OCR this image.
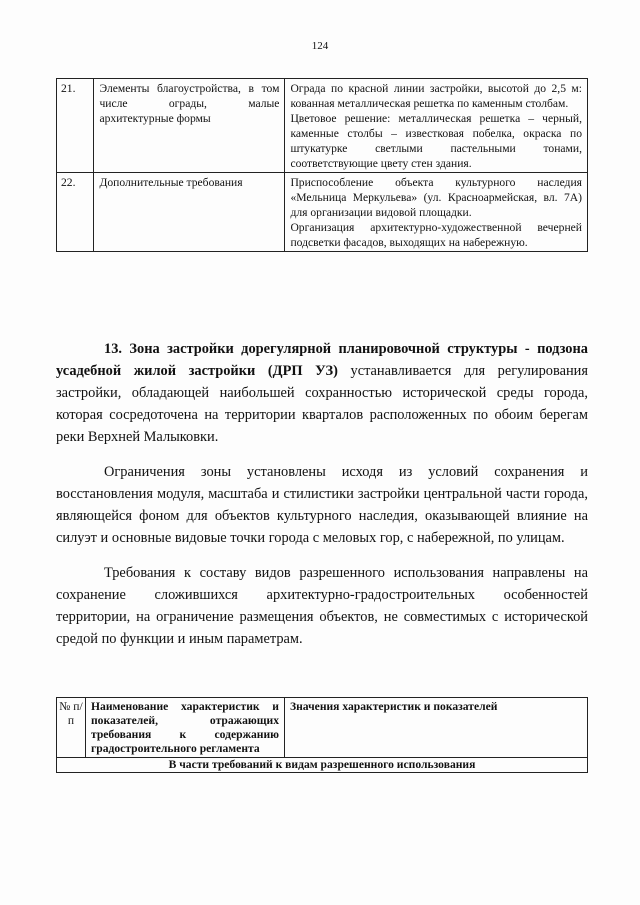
124
21.	Элементы благоустройства, в том числе ограды, малые архитектурные формы	Ограда по красной линии застройки, высотой до 2,5 м: кованная металлическая решетка по каменным столбам.

Цветовое решение: металлическая решетка – черный, каменные столбы – известковая побелка, окраска по штукатурке светлыми пастельными тонами, соответствующие цвету стен здания.

22.	Дополнительные требования	Приспособление объекта культурного наследия «Мельница Меркульева» (ул. Красноармейская, вл. 7А) для организации видовой площадки.

Организация архитектурно-художественной вечерней подсветки фасадов, выходящих на набережную.

13. Зона застройки дорегулярной планировочной структуры - подзона усадебной жилой застройки (ДРП УЗ) устанавливается для регулирования застройки, обладающей наибольшей сохранностью исторической среды города, которая сосредоточена на территории кварталов расположенных по обоим берегам реки Верхней Малыковки.

Ограничения зоны установлены исходя из условий сохранения и восстановления модуля, масштаба и стилистики застройки центральной части города, являющейся фоном для объектов культурного наследия, оказывающей влияние на силуэт и основные видовые точки города с меловых гор, с набережной, по улицам.

Требования к составу видов разрешенного использования направлены на сохранение сложившихся архитектурно-градостроительных особенностей территории, на ограничение размещения объектов, не совместимых с исторической средой по функции и иным параметрам.

№ п/п	Наименование характеристик и показателей, отражающих требования к содержанию градостроительного регламента	Значения характеристик и показателей
В части требований к видам разрешенного использования
